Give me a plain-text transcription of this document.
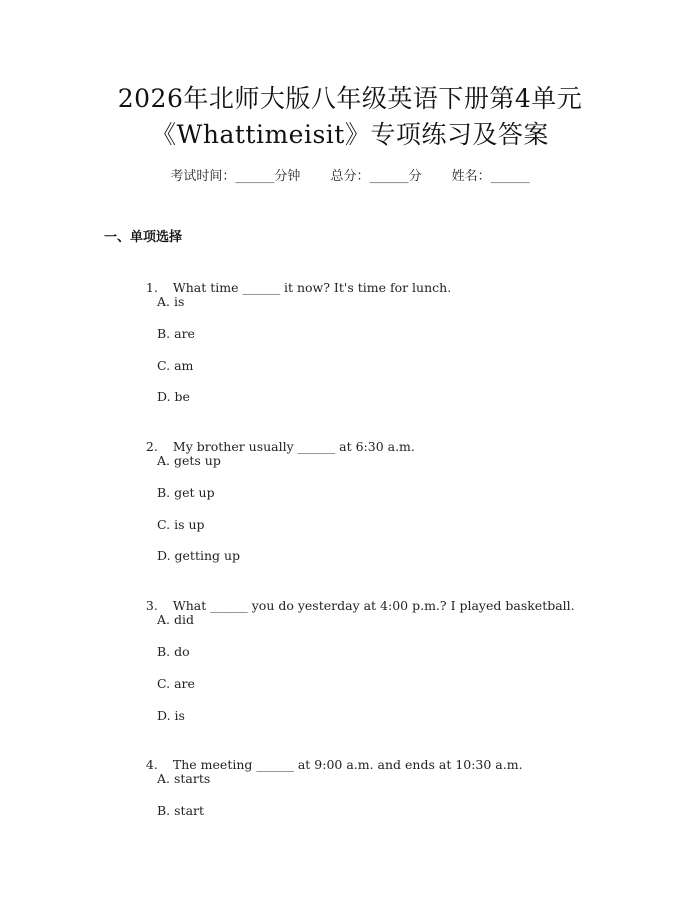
2026年北师大版八年级英语下册第4单元
《Whattimeisit》专项练习及答案
考试时间：______分钟 总分：______分 姓名：______
一、单项选择

1. What time ______ it now? It's time for lunch.

A. is
B. are
C. am
D. be

2. My brother usually ______ at 6:30 a.m.

A. gets up
B. get up
C. is up
D. getting up

3. What ______ you do yesterday at 4:00 p.m.? I played basketball.

A. did
B. do
C. are
D. is

4. The meeting ______ at 9:00 a.m. and ends at 10:30 a.m.

A. starts
B. start
